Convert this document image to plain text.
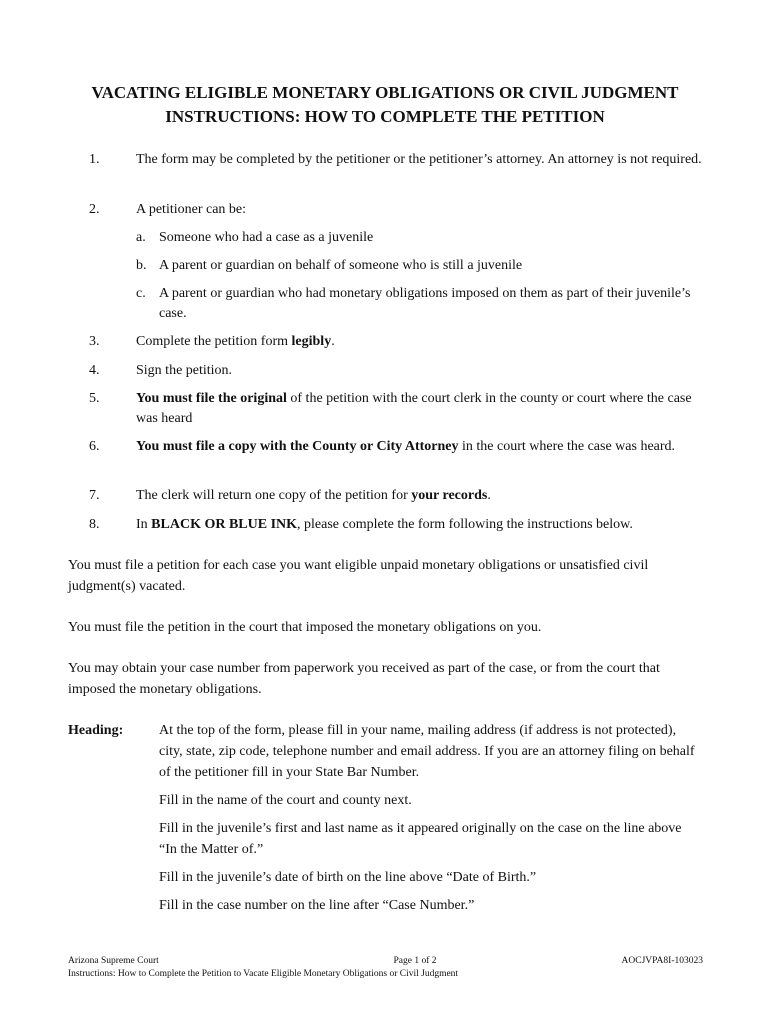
VACATING ELIGIBLE MONETARY OBLIGATIONS OR CIVIL JUDGMENT
INSTRUCTIONS: HOW TO COMPLETE THE PETITION
1.	The form may be completed by the petitioner or the petitioner’s attorney. An attorney is not required.
2.	A petitioner can be:
a. Someone who had a case as a juvenile
b. A parent or guardian on behalf of someone who is still a juvenile
c. A parent or guardian who had monetary obligations imposed on them as part of their juvenile’s case.
3.	Complete the petition form legibly.
4.	Sign the petition.
5.	You must file the original of the petition with the court clerk in the county or court where the case was heard
6.	You must file a copy with the County or City Attorney in the court where the case was heard.
7.	The clerk will return one copy of the petition for your records.
8.	In BLACK OR BLUE INK, please complete the form following the instructions below.
You must file a petition for each case you want eligible unpaid monetary obligations or unsatisfied civil judgment(s) vacated.
You must file the petition in the court that imposed the monetary obligations on you.
You may obtain your case number from paperwork you received as part of the case, or from the court that imposed the monetary obligations.
Heading:	At the top of the form, please fill in your name, mailing address (if address is not protected), city, state, zip code, telephone number and email address. If you are an attorney filing on behalf of the petitioner fill in your State Bar Number.
Fill in the name of the court and county next.
Fill in the juvenile’s first and last name as it appeared originally on the case on the line above “In the Matter of.”
Fill in the juvenile’s date of birth on the line above “Date of Birth.”
Fill in the case number on the line after “Case Number.”
Arizona Supreme Court
Instructions: How to Complete the Petition to Vacate Eligible Monetary Obligations or Civil Judgment
Page 1 of 2	AOCJVPA8I-103023
